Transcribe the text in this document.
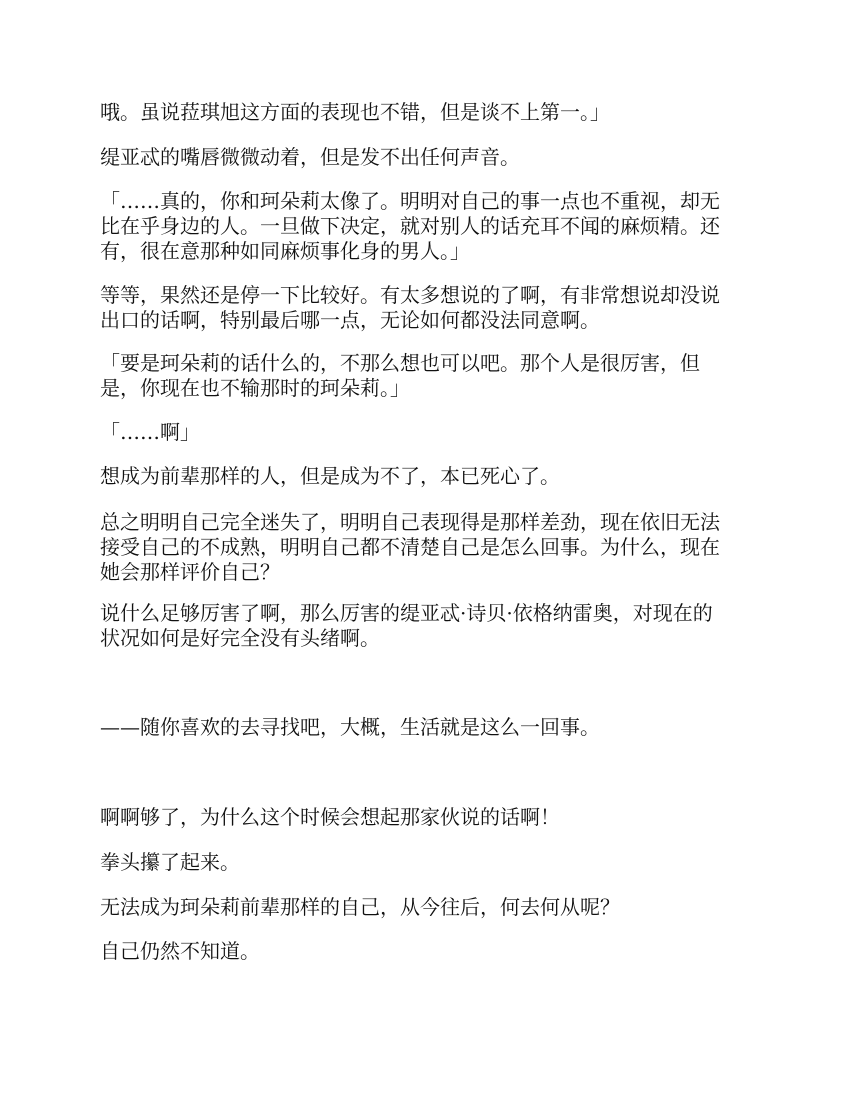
哦。虽说菈琪旭这方面的表现也不错，但是谈不上第一。」

缇亚忒的嘴唇微微动着，但是发不出任何声音。

「……真的，你和珂朵莉太像了。明明对自己的事一点也不重视，却无
比在乎身边的人。一旦做下决定，就对别人的话充耳不闻的麻烦精。还
有，很在意那种如同麻烦事化身的男人。」

等等，果然还是停一下比较好。有太多想说的了啊，有非常想说却没说
出口的话啊，特别最后哪一点，无论如何都没法同意啊。

「要是珂朵莉的话什么的，不那么想也可以吧。那个人是很厉害，但
是，你现在也不输那时的珂朵莉。」

「……啊」

想成为前辈那样的人，但是成为不了，本已死心了。

总之明明自己完全迷失了，明明自己表现得是那样差劲，现在依旧无法
接受自己的不成熟，明明自己都不清楚自己是怎么回事。为什么，现在
她会那样评价自己？

说什么足够厉害了啊，那么厉害的缇亚忒·诗贝·依格纳雷奥，对现在的
状况如何是好完全没有头绪啊。

——随你喜欢的去寻找吧，大概，生活就是这么一回事。

啊啊够了，为什么这个时候会想起那家伙说的话啊！

拳头攥了起来。

无法成为珂朵莉前辈那样的自己，从今往后，何去何从呢？

自己仍然不知道。
